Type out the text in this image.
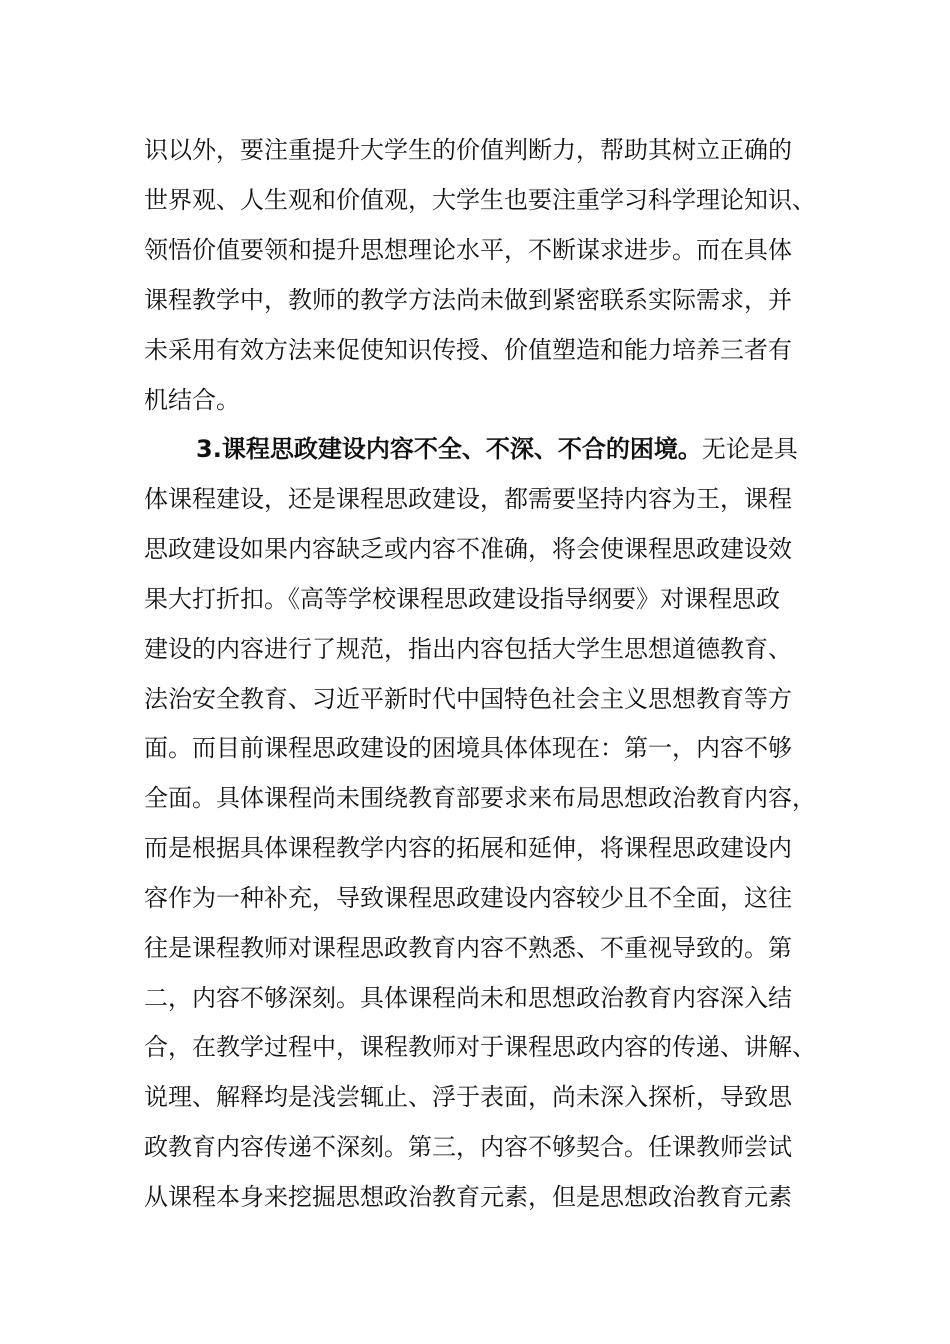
识以外，要注重提升大学生的价值判断力，帮助其树立正确的
世界观、人生观和价值观，大学生也要注重学习科学理论知识、
领悟价值要领和提升思想理论水平，不断谋求进步。而在具体
课程教学中，教师的教学方法尚未做到紧密联系实际需求，并
未采用有效方法来促使知识传授、价值塑造和能力培养三者有
机结合。
3.课程思政建设内容不全、不深、不合的困境。无论是具
体课程建设，还是课程思政建设，都需要坚持内容为王，课程
思政建设如果内容缺乏或内容不准确，将会使课程思政建设效
果大打折扣。《高等学校课程思政建设指导纲要》对课程思政
建设的内容进行了规范，指出内容包括大学生思想道德教育、
法治安全教育、习近平新时代中国特色社会主义思想教育等方
面。而目前课程思政建设的困境具体体现在：第一，内容不够
全面。具体课程尚未围绕教育部要求来布局思想政治教育内容，
而是根据具体课程教学内容的拓展和延伸，将课程思政建设内
容作为一种补充，导致课程思政建设内容较少且不全面，这往
往是课程教师对课程思政教育内容不熟悉、不重视导致的。第
二，内容不够深刻。具体课程尚未和思想政治教育内容深入结
合，在教学过程中，课程教师对于课程思政内容的传递、讲解、
说理、解释均是浅尝辄止、浮于表面，尚未深入探析，导致思
政教育内容传递不深刻。第三，内容不够契合。任课教师尝试
从课程本身来挖掘思想政治教育元素，但是思想政治教育元素
